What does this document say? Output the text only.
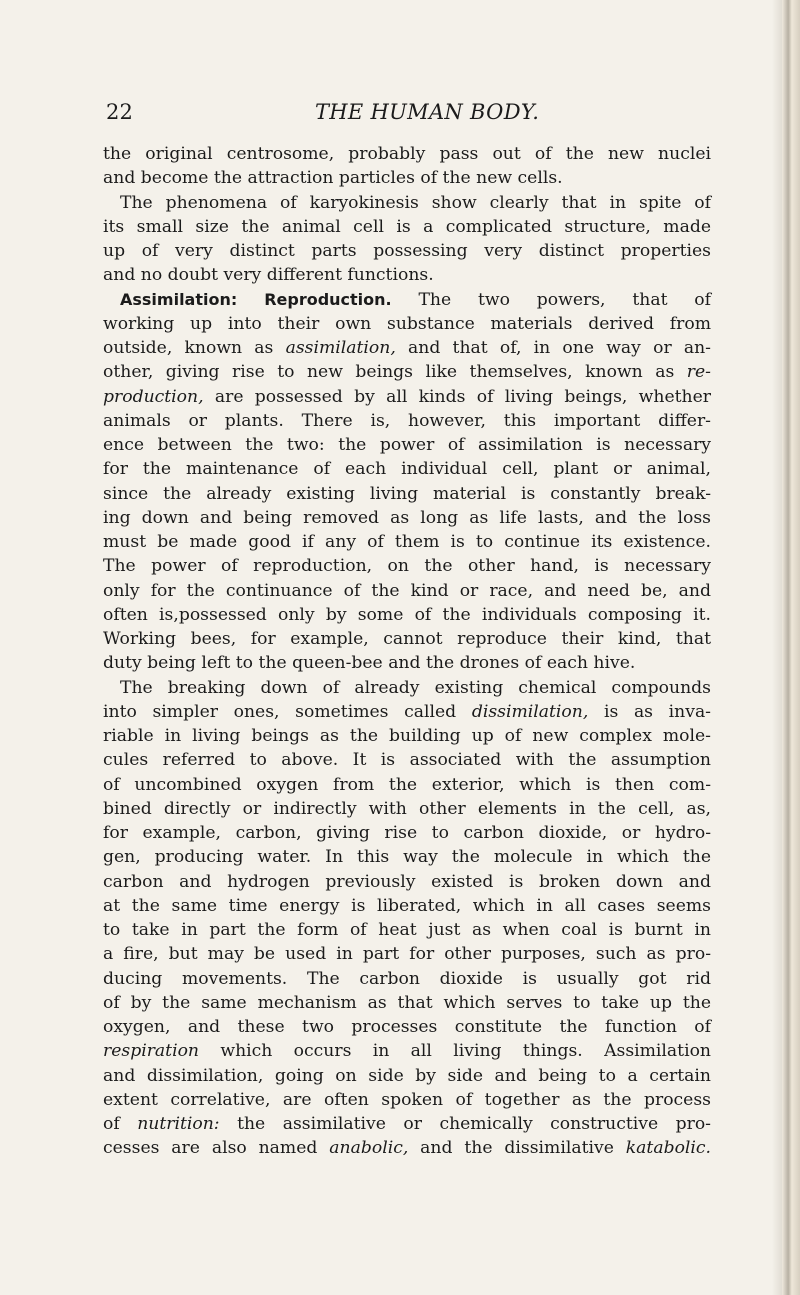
22	THE HUMAN BODY.
the original centrosome, probably pass out of the new nuclei
and become the attraction particles of the new cells.
The phenomena of karyokinesis show clearly that in spite of
its small size the animal cell is a complicated structure, made
up of very distinct parts possessing very distinct properties
and no doubt very different functions.
Assimilation: Reproduction. The two powers, that of
working up into their own substance materials derived from
outside, known as assimilation, and that of, in one way or an-
other, giving rise to new beings like themselves, known as re-
production, are possessed by all kinds of living beings, whether
animals or plants. There is, however, this important differ-
ence between the two: the power of assimilation is necessary
for the maintenance of each individual cell, plant or animal,
since the already existing living material is constantly break-
ing down and being removed as long as life lasts, and the loss
must be made good if any of them is to continue its existence.
The power of reproduction, on the other hand, is necessary
only for the continuance of the kind or race, and need be, and
often is,possessed only by some of the individuals composing it.
Working bees, for example, cannot reproduce their kind, that
duty being left to the queen-bee and the drones of each hive.
The breaking down of already existing chemical compounds
into simpler ones, sometimes called dissimilation, is as inva-
riable in living beings as the building up of new complex mole-
cules referred to above. It is associated with the assumption
of uncombined oxygen from the exterior, which is then com-
bined directly or indirectly with other elements in the cell, as,
for example, carbon, giving rise to carbon dioxide, or hydro-
gen, producing water. In this way the molecule in which the
carbon and hydrogen previously existed is broken down and
at the same time energy is liberated, which in all cases seems
to take in part the form of heat just as when coal is burnt in
a fire, but may be used in part for other purposes, such as pro-
ducing movements. The carbon dioxide is usually got rid
of by the same mechanism as that which serves to take up the
oxygen, and these two processes constitute the function of
respiration which occurs in all living things. Assimilation
and dissimilation, going on side by side and being to a certain
extent correlative, are often spoken of together as the process
of nutrition: the assimilative or chemically constructive pro-
cesses are also named anabolic, and the dissimilative katabolic.
